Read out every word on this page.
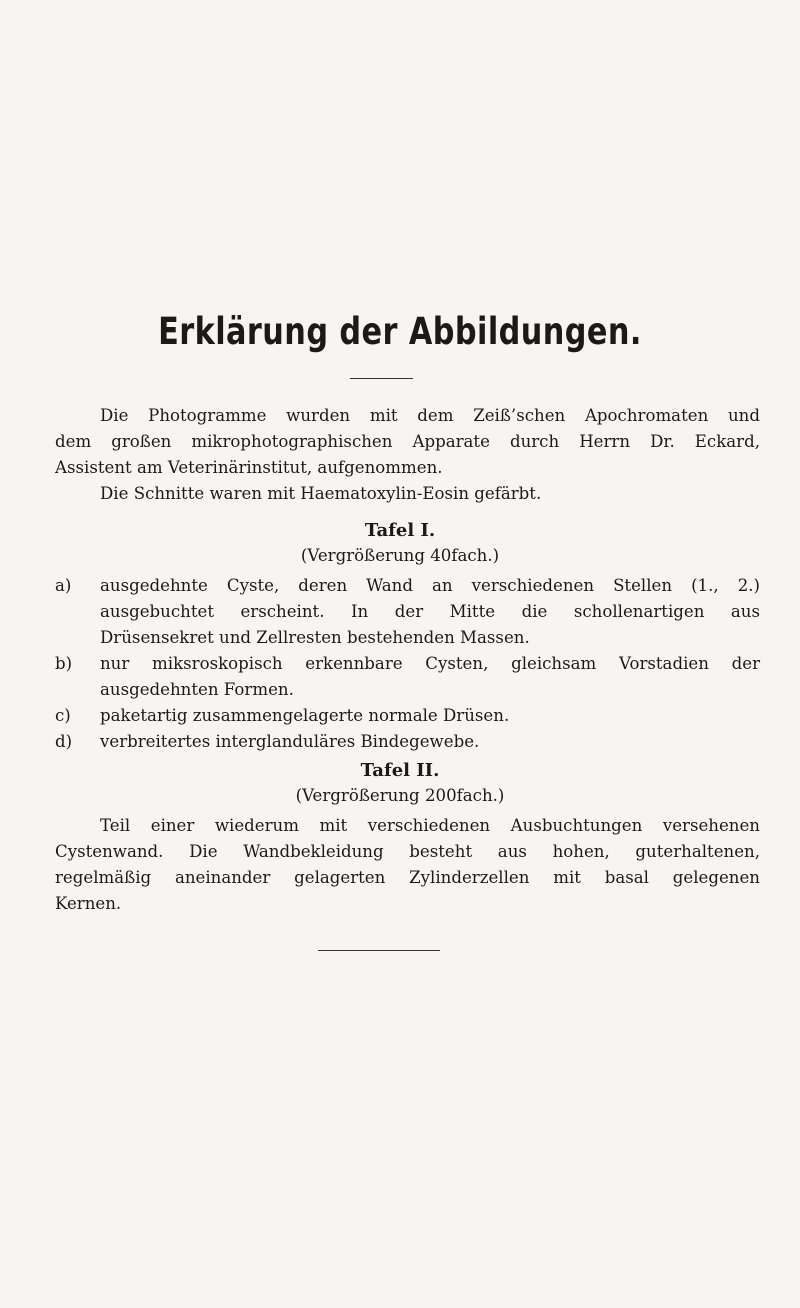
Erklärung der Abbildungen.
Die Photogramme wurden mit dem Zeiß’schen Apochromaten und
dem großen mikrophotographischen Apparate durch Herrn Dr. Eckard,
Assistent am Veterinärinstitut, aufgenommen.
Die Schnitte waren mit Haematoxylin-Eosin gefärbt.

Tafel I.

(Vergrößerung 40fach.)

a) ausgedehnte Cyste, deren Wand an verschiedenen Stellen (1., 2.)
ausgebuchtet erscheint. In der Mitte die schollenartigen aus
Drüsensekret und Zellresten bestehenden Massen.
b) nur miksroskopisch erkennbare Cysten, gleichsam Vorstadien der
ausgedehnten Formen.
c) paketartig zusammengelagerte normale Drüsen.
d) verbreitertes interglanduläres Bindegewebe.

Tafel II.

(Vergrößerung 200fach.)

Teil einer wiederum mit verschiedenen Ausbuchtungen versehenen
Cystenwand. Die Wandbekleidung besteht aus hohen, guterhaltenen,
regelmäßig aneinander gelagerten Zylinderzellen mit basal gelegenen
Kernen.
